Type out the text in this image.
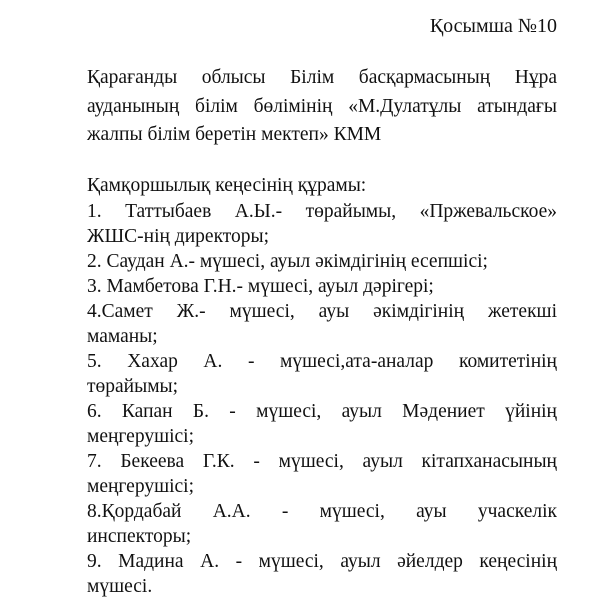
Қосымша №10

Қарағанды облысы Білім басқармасының Нұра
ауданының білім бөлімінің «М.Дулатұлы атындағы
жалпы білім беретін мектеп» КММ
Қамқоршылық кеңесінің құрамы:
1. Таттыбаев А.Ы.- төрайымы, «Пржевальское»
ЖШС-нің директоры;
2. Саудан А.- мүшесі, ауыл әкімдігінің есепшісі;
3. Мамбетова Г.Н.- мүшесі, ауыл дәрігері;
4.Самет Ж.- мүшесі, ауы әкімдігінің жетекші
маманы;
5. Хахар А. - мүшесі,ата-аналар комитетінің
төрайымы;
6. Капан Б. - мүшесі, ауыл Мәдениет үйінің
меңгерушісі;
7. Бекеева Г.К. - мүшесі, ауыл кітапханасының
меңгерушісі;
8.Қордабай А.А. - мүшесі, ауы учаскелік
инспекторы;
9. Мадина А. - мүшесі, ауыл әйелдер кеңесінің
мүшесі.
